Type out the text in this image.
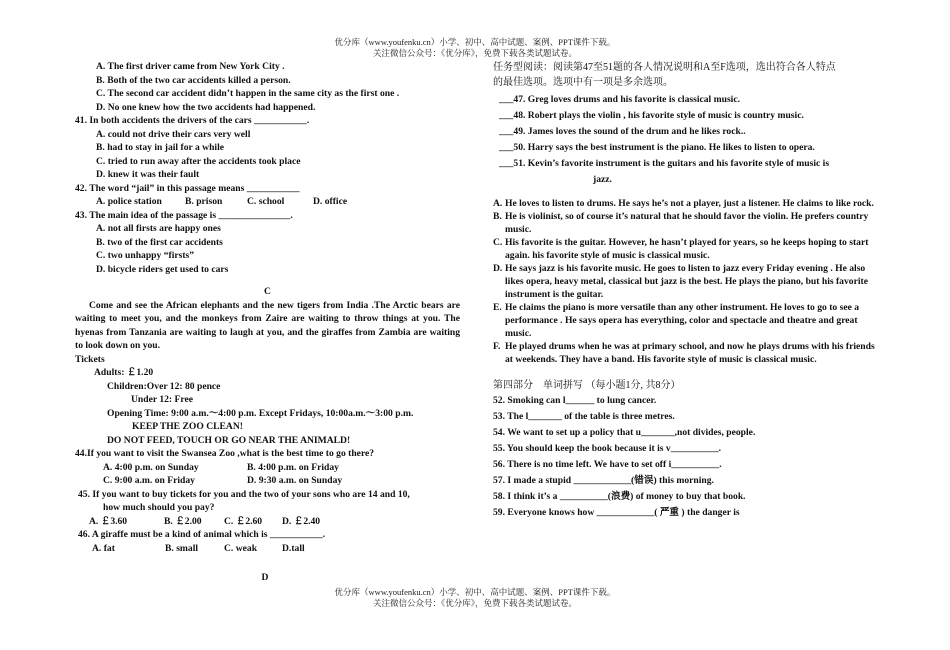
优分库（www.youfenku.cn）小学、初中、高中试题、案例、PPT课件下载。
关注微信公众号：《优分库》，免费下载各类试题试卷。
A. The first driver came from New York City .
B. Both of the two car accidents killed a person.
C. The second car accident didn’t happen in the same city as the first one .
D. No one knew how the two accidents had happened.
41. In both accidents the drivers of the cars ___________.
A. could not drive their cars very well
B. had to stay in jail for a while
C. tried to run away after the accidents took place
D. knew it was their fault
42. The word “jail” in this passage means ___________
A. police station	B. prison	C. school	D. office
43. The main idea of the passage is _______________.
A. not all firsts are happy ones
B. two of the first car accidents
C. two unhappy “firsts”
D. bicycle riders get used to cars
C
Come and see the African elephants and the new tigers from India .The Arctic bears are waiting to meet you, and the monkeys from Zaire are waiting to throw things at you. The hyenas from Tanzania are waiting to laugh at you, and the giraffes from Zambia are waiting to look down on you.
Tickets
Adults: ￡1.20
Children:Over 12: 80 pence
Under 12: Free
Opening Time: 9:00 a.m.～4:00 p.m. Except Fridays, 10:00a.m.～3:00 p.m.
KEEP THE ZOO CLEAN!
DO NOT FEED, TOUCH OR GO NEAR THE ANIMALD!
44.If you want to visit the Swansea Zoo ,what is the best time to go there?
A. 4:00 p.m. on Sunday	B. 4:00 p.m. on Friday
C. 9:00 a.m. on Friday	D. 9:30 a.m. on Sunday
45. If you want to buy tickets for you and the two of your sons who are 14 and 10,
how much should you pay?
A. ￡3.60	B. ￡2.00	C. ￡2.60	D. ￡2.40
46. A giraffe must be a kind of animal which is ___________.
A. fat	B. small	C. weak	D.tall
D
任务型阅读：阅读第47至51题的各人情况说明和A至F选项，选出符合各人特点
的最佳选项。选项中有一项是多余选项。
___47. Greg loves drums and his favorite is classical music.
___48. Robert plays the violin , his favorite style of music is country music.
___49. James loves the sound of the drum and he likes rock..
___50. Harry says the best instrument is the piano. He likes to listen to opera.
___51. Kevin’s favorite instrument is the guitars and his favorite style of music is
jazz.
A. He loves to listen to drums. He says he’s not a player, just a listener. He claims to like rock.
B. He is violinist, so of course it’s natural that he should favor the violin. He prefers country music.
C. His favorite is the guitar. However, he hasn’t played for years, so he keeps hoping to start again. his favorite style of music is classical music.
D. He says jazz is his favorite music. He goes to listen to jazz every Friday evening . He also likes opera, heavy metal, classical but jazz is the best. He plays the piano, but his favorite instrument is the guitar.
E. He claims the piano is more versatile than any other instrument. He loves to go to see a performance . He says opera has everything, color and spectacle and theatre and great music.
F. He played drums when he was at primary school, and now he plays drums with his friends at weekends. They have a band. His favorite style of music is classical music.
第四部分　单词拼写 （每小题1分, 共8分）
52. Smoking can l______ to lung cancer.
53. The l_______ of the table is three metres.
54. We want to set up a policy that u_______,not divides, people.
55. You should keep the book because it is v__________.
56. There is no time left. We have to set off i__________.
57. I made a stupid ____________(错误) this morning.
58. I think it’s a __________(浪费) of money to buy that book.
59. Everyone knows how ____________( 严重 ) the danger is
优分库（www.youfenku.cn）小学、初中、高中试题、案例、PPT课件下载。
关注微信公众号：《优分库》，免费下载各类试题试卷。
